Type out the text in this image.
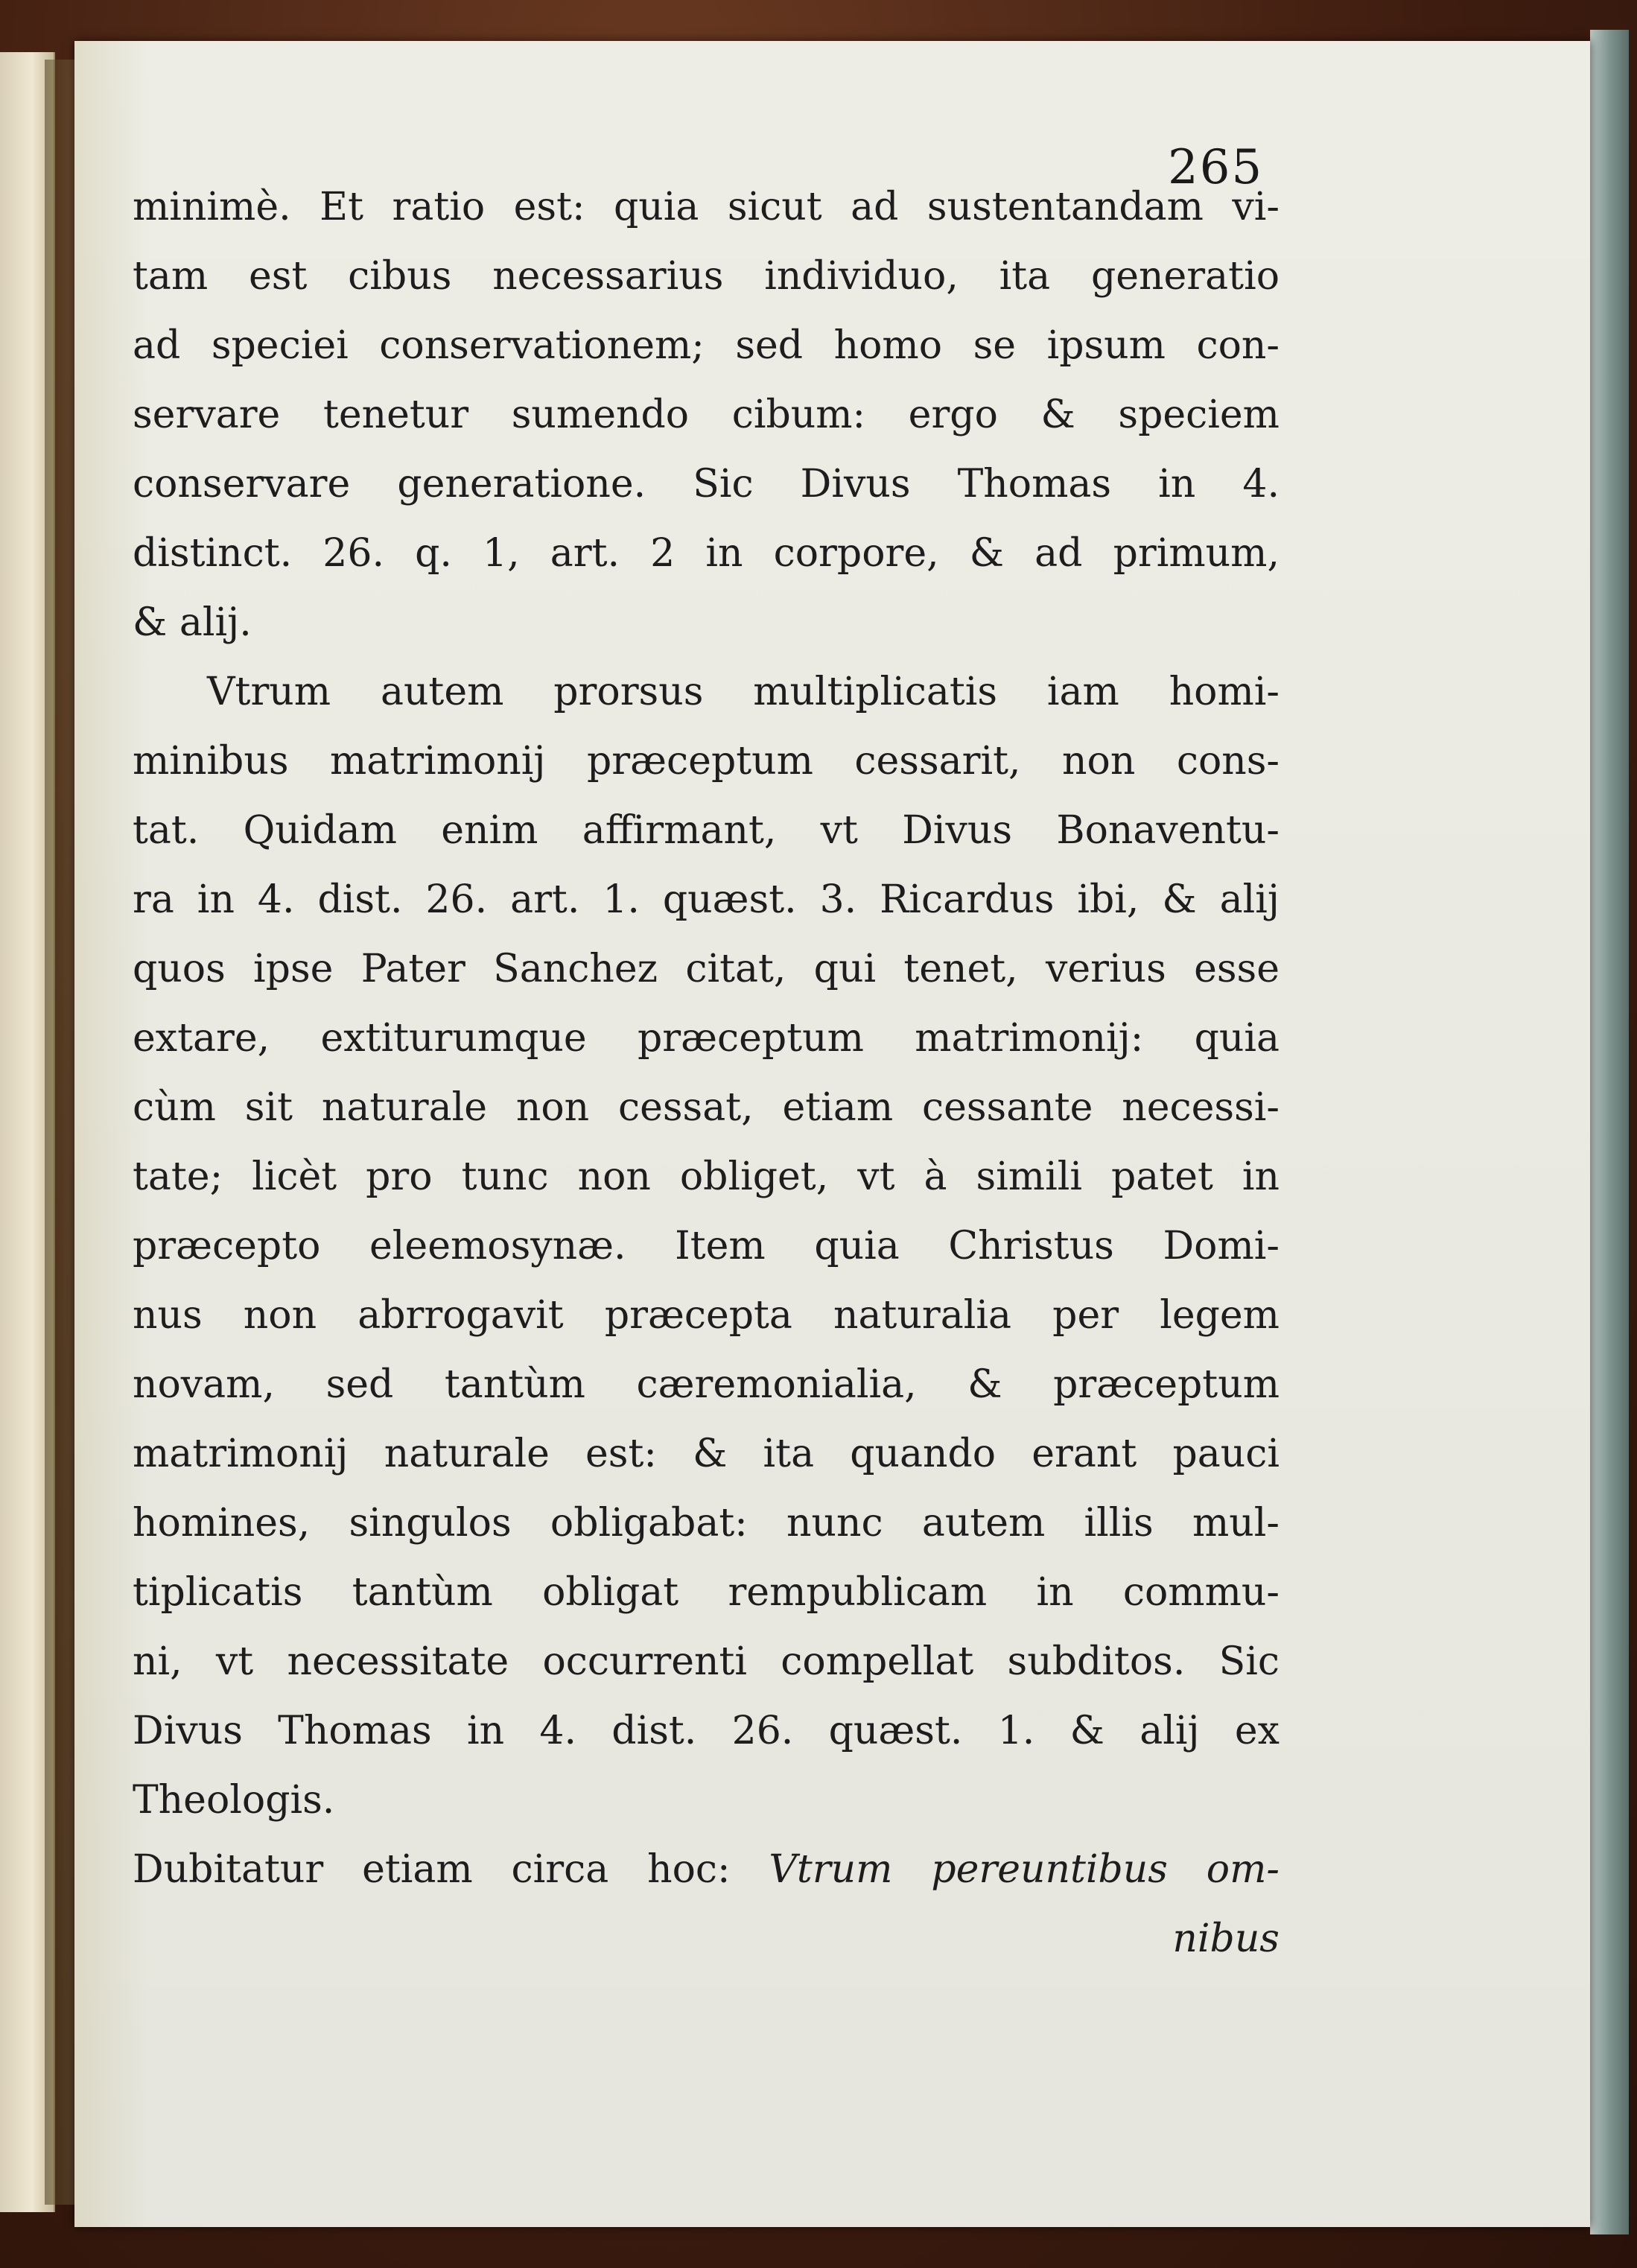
265
minimè. Et ratio est: quia sicut ad sustentandam vi-
tam est cibus necessarius individuo, ita generatio
ad speciei conservationem; sed homo se ipsum con-
servare tenetur sumendo cibum: ergo & speciem
conservare generatione. Sic Divus Thomas in 4.
distinct. 26. q. 1, art. 2 in corpore, & ad primum,
& alij.
Vtrum autem prorsus multiplicatis iam homi-
minibus matrimonij præceptum cessarit, non cons-
tat. Quidam enim affirmant, vt Divus Bonaventu-
ra in 4. dist. 26. art. 1. quæst. 3. Ricardus ibi, & alij
quos ipse Pater Sanchez citat, qui tenet, verius esse
extare, extiturumque præceptum matrimonij: quia
cùm sit naturale non cessat, etiam cessante necessi-
tate; licèt pro tunc non obliget, vt à simili patet in
præcepto eleemosynæ. Item quia Christus Domi-
nus non abrrogavit præcepta naturalia per legem
novam, sed tantùm cæremonialia, & præceptum
matrimonij naturale est: & ita quando erant pauci
homines, singulos obligabat: nunc autem illis mul-
tiplicatis tantùm obligat rempublicam in commu-
ni, vt necessitate occurrenti compellat subditos. Sic
Divus Thomas in 4. dist. 26. quæst. 1. & alij ex
Theologis.
Dubitatur etiam circa hoc: Vtrum pereuntibus om-
nibus
